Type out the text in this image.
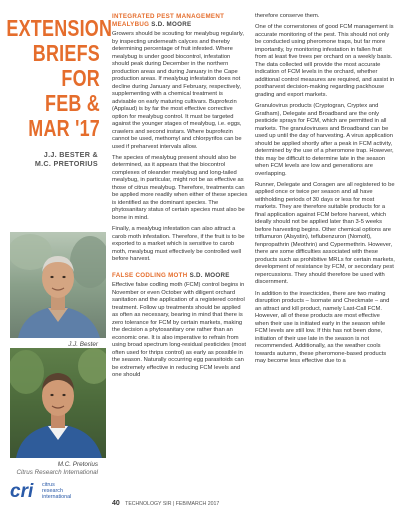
EXTENSION
BRIEFS
FOR
FEB &
MAR '17
J.J. BESTER &
M.C. PRETORIUS
J.J. Bester
M.C. Pretorius
Citrus Research International
cri citrus
research
international
INTEGRATED PEST MANAGEMENT
MEALYBUG S.D. MOORE

Growers should be scouting for mealybug regularly, by inspecting underneath calyces and thereby determining percentage of fruit infested. Where mealybug is under good biocontrol, infestation should peak during December in the northern production areas and during January in the Cape production areas. If mealybug infestation does not decline during January and February, respectively, supplementing with a chemical treatment is advisable on early maturing cultivars. Buprofezin (Applaud) is by far the most effective corrective option for mealybug control. It must be targeted against the younger stages of mealybug, i.e. eggs, crawlers and second instars. Where buprofezin cannot be used, methomyl and chlorpyrifos can be used if preharvest intervals allow.

The species of mealybug present should also be determined, as it appears that the biocontrol complexes of oleander mealybug and long-tailed mealybug, in particular, might not be as effective as those of citrus mealybug. Therefore, treatments can be applied more readily when either of these species is identified as the dominant species. The phytosanitary status of certain species must also be borne in mind.

Finally, a mealybug infestation can also attract a carob moth infestation. Therefore, if the fruit is to be exported to a market which is sensitive to carob moth, mealybug must effectively be controlled well before harvest.

FALSE CODLING MOTH S.D. MOORE

Effective false codling moth (FCM) control begins in November or even October with diligent orchard sanitation and the application of a registered control treatment. Follow up treatments should be applied as often as necessary, bearing in mind that there is zero tolerance for FCM by certain markets, making the decision a phytosanitary one rather than an economic one. It is also imperative to refrain from using broad spectrum long-residual pesticides (most often used for thrips control) as early as possible in the season. Naturally occurring egg parasitoids can be extremely effective in reducing FCM levels and one should

therefore conserve them.

One of the cornerstones of good FCM management is accurate monitoring of the pest. This should not only be conducted using pheromone traps, but far more importantly, by monitoring infestation in fallen fruit from at least five trees per orchard on a weekly basis. The data collected will provide the most accurate indication of FCM levels in the orchard, whether additional control measures are required, and assist in postharvest decision-making regarding packhouse grading and export markets.

Granulovirus products (Cryptogran, Cryptex and Gratham), Delegate and Broadband are the only pesticide sprays for FCM, which are permitted in all markets. The granuloviruses and Broadband can be used up until the day of harvesting. A virus application should be applied shortly after a peak in FCM activity, determined by the use of a pheromone trap. However, this may be difficult to determine late in the season when FCM levels are low and generations are overlapping.

Runner, Delegate and Coragen are all registered to be applied once or twice per season and all have withholding periods of 30 days or less for most markets. They are therefore suitable products for a final application against FCM before harvest, which ideally should not be applied later than 3-5 weeks before harvesting begins. Other chemical options are triflumuron (Alsystin), teflubenzuron (Nomolt), fenpropathrin (Meothrin) and Cypermethrin. However, there are some difficulties associated with these products such as prohibitive MRLs for certain markets, development of resistance by FCM, or secondary pest repercussions. They should therefore be used with discernment.

In addition to the insecticides, there are two mating disruption products – Isomate and Checkmate – and an attract and kill product, namely Last-Call FCM. However, all of these products are most effective when their use is initiated early in the season while FCM levels are still low. If this has not been done, initiation of their use late in the season is not recommended. Additionally, as the weather cools towards autumn, these pheromone-based products may become less effective due to a

40 TECHNOLOGY SIR | FEB/MARCH 2017
